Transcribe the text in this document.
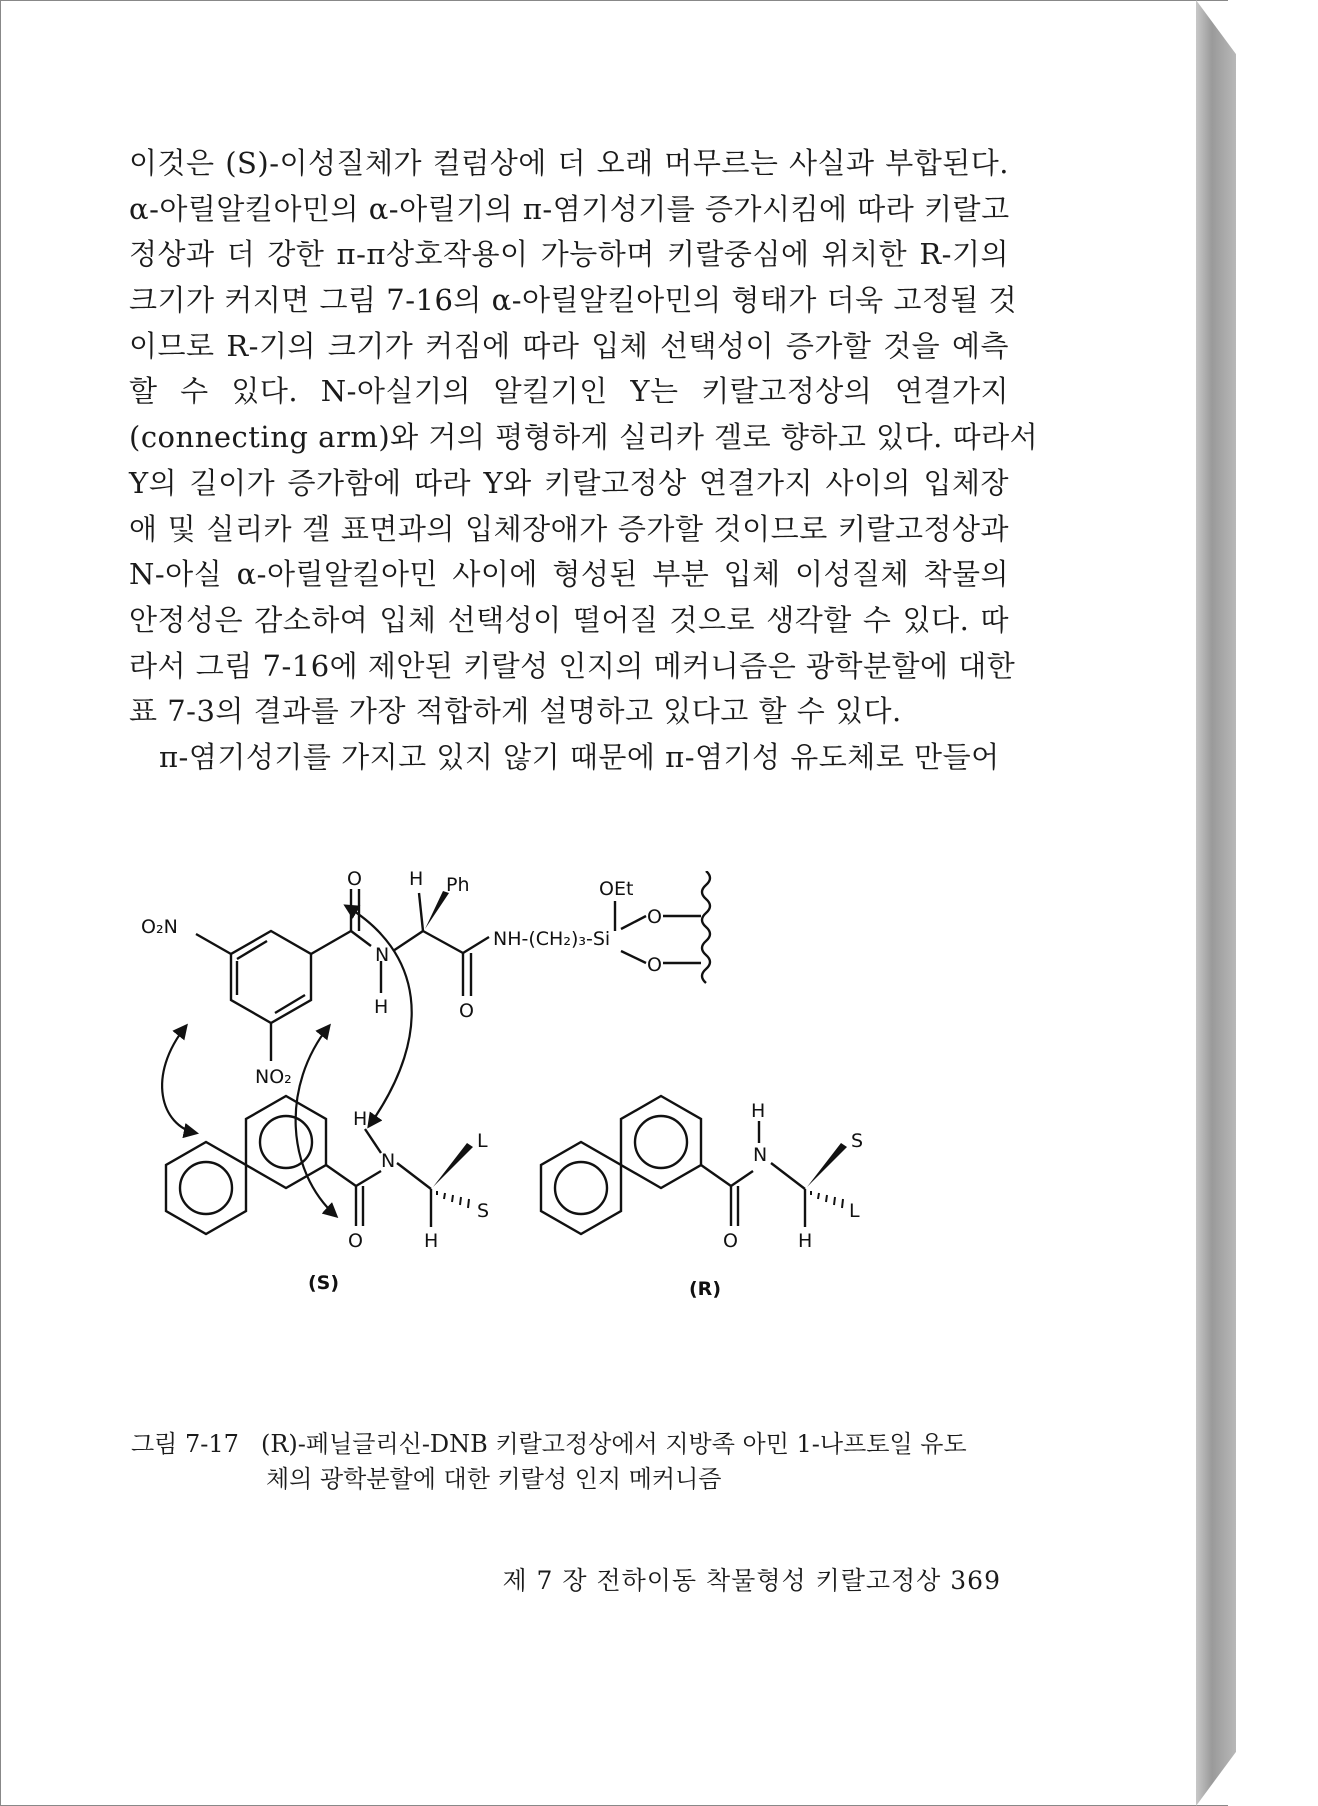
이것은 (S)-이성질체가 컬럼상에 더 오래 머무르는 사실과 부합된다.
α-아릴알킬아민의 α-아릴기의 π-염기성기를 증가시킴에 따라 키랄고
정상과 더 강한 π-π상호작용이 가능하며 키랄중심에 위치한 R-기의
크기가 커지면 그림 7-16의 α-아릴알킬아민의 형태가 더욱 고정될 것
이므로 R-기의 크기가 커짐에 따라 입체 선택성이 증가할 것을 예측
할 수 있다. N-아실기의 알킬기인 Y는 키랄고정상의 연결가지
(connecting arm)와 거의 평형하게 실리카 겔로 향하고 있다. 따라서
Y의 길이가 증가함에 따라 Y와 키랄고정상 연결가지 사이의 입체장
애 및 실리카 겔 표면과의 입체장애가 증가할 것이므로 키랄고정상과
N-아실 α-아릴알킬아민 사이에 형성된 부분 입체 이성질체 착물의
안정성은 감소하여 입체 선택성이 떨어질 것으로 생각할 수 있다. 따
라서 그림 7-16에 제안된 키랄성 인지의 메커니즘은 광학분할에 대한
표 7-3의 결과를 가장 적합하게 설명하고 있다고 할 수 있다.
π-염기성기를 가지고 있지 않기 때문에 π-염기성 유도체로 만들어
O₂N
NO₂
O
N
H
H Ph
O
NH-(CH₂)₃-Si
OEt
O
O
H
N
L
S
H
O
H
N
S
L
H
O
(S)	(R)
그림 7-17 (R)-페닐글리신-DNB 키랄고정상에서 지방족 아민 1-나프토일 유도
체의 광학분할에 대한 키랄성 인지 메커니즘
제 7 장 전하이동 착물형성 키랄고정상 369
